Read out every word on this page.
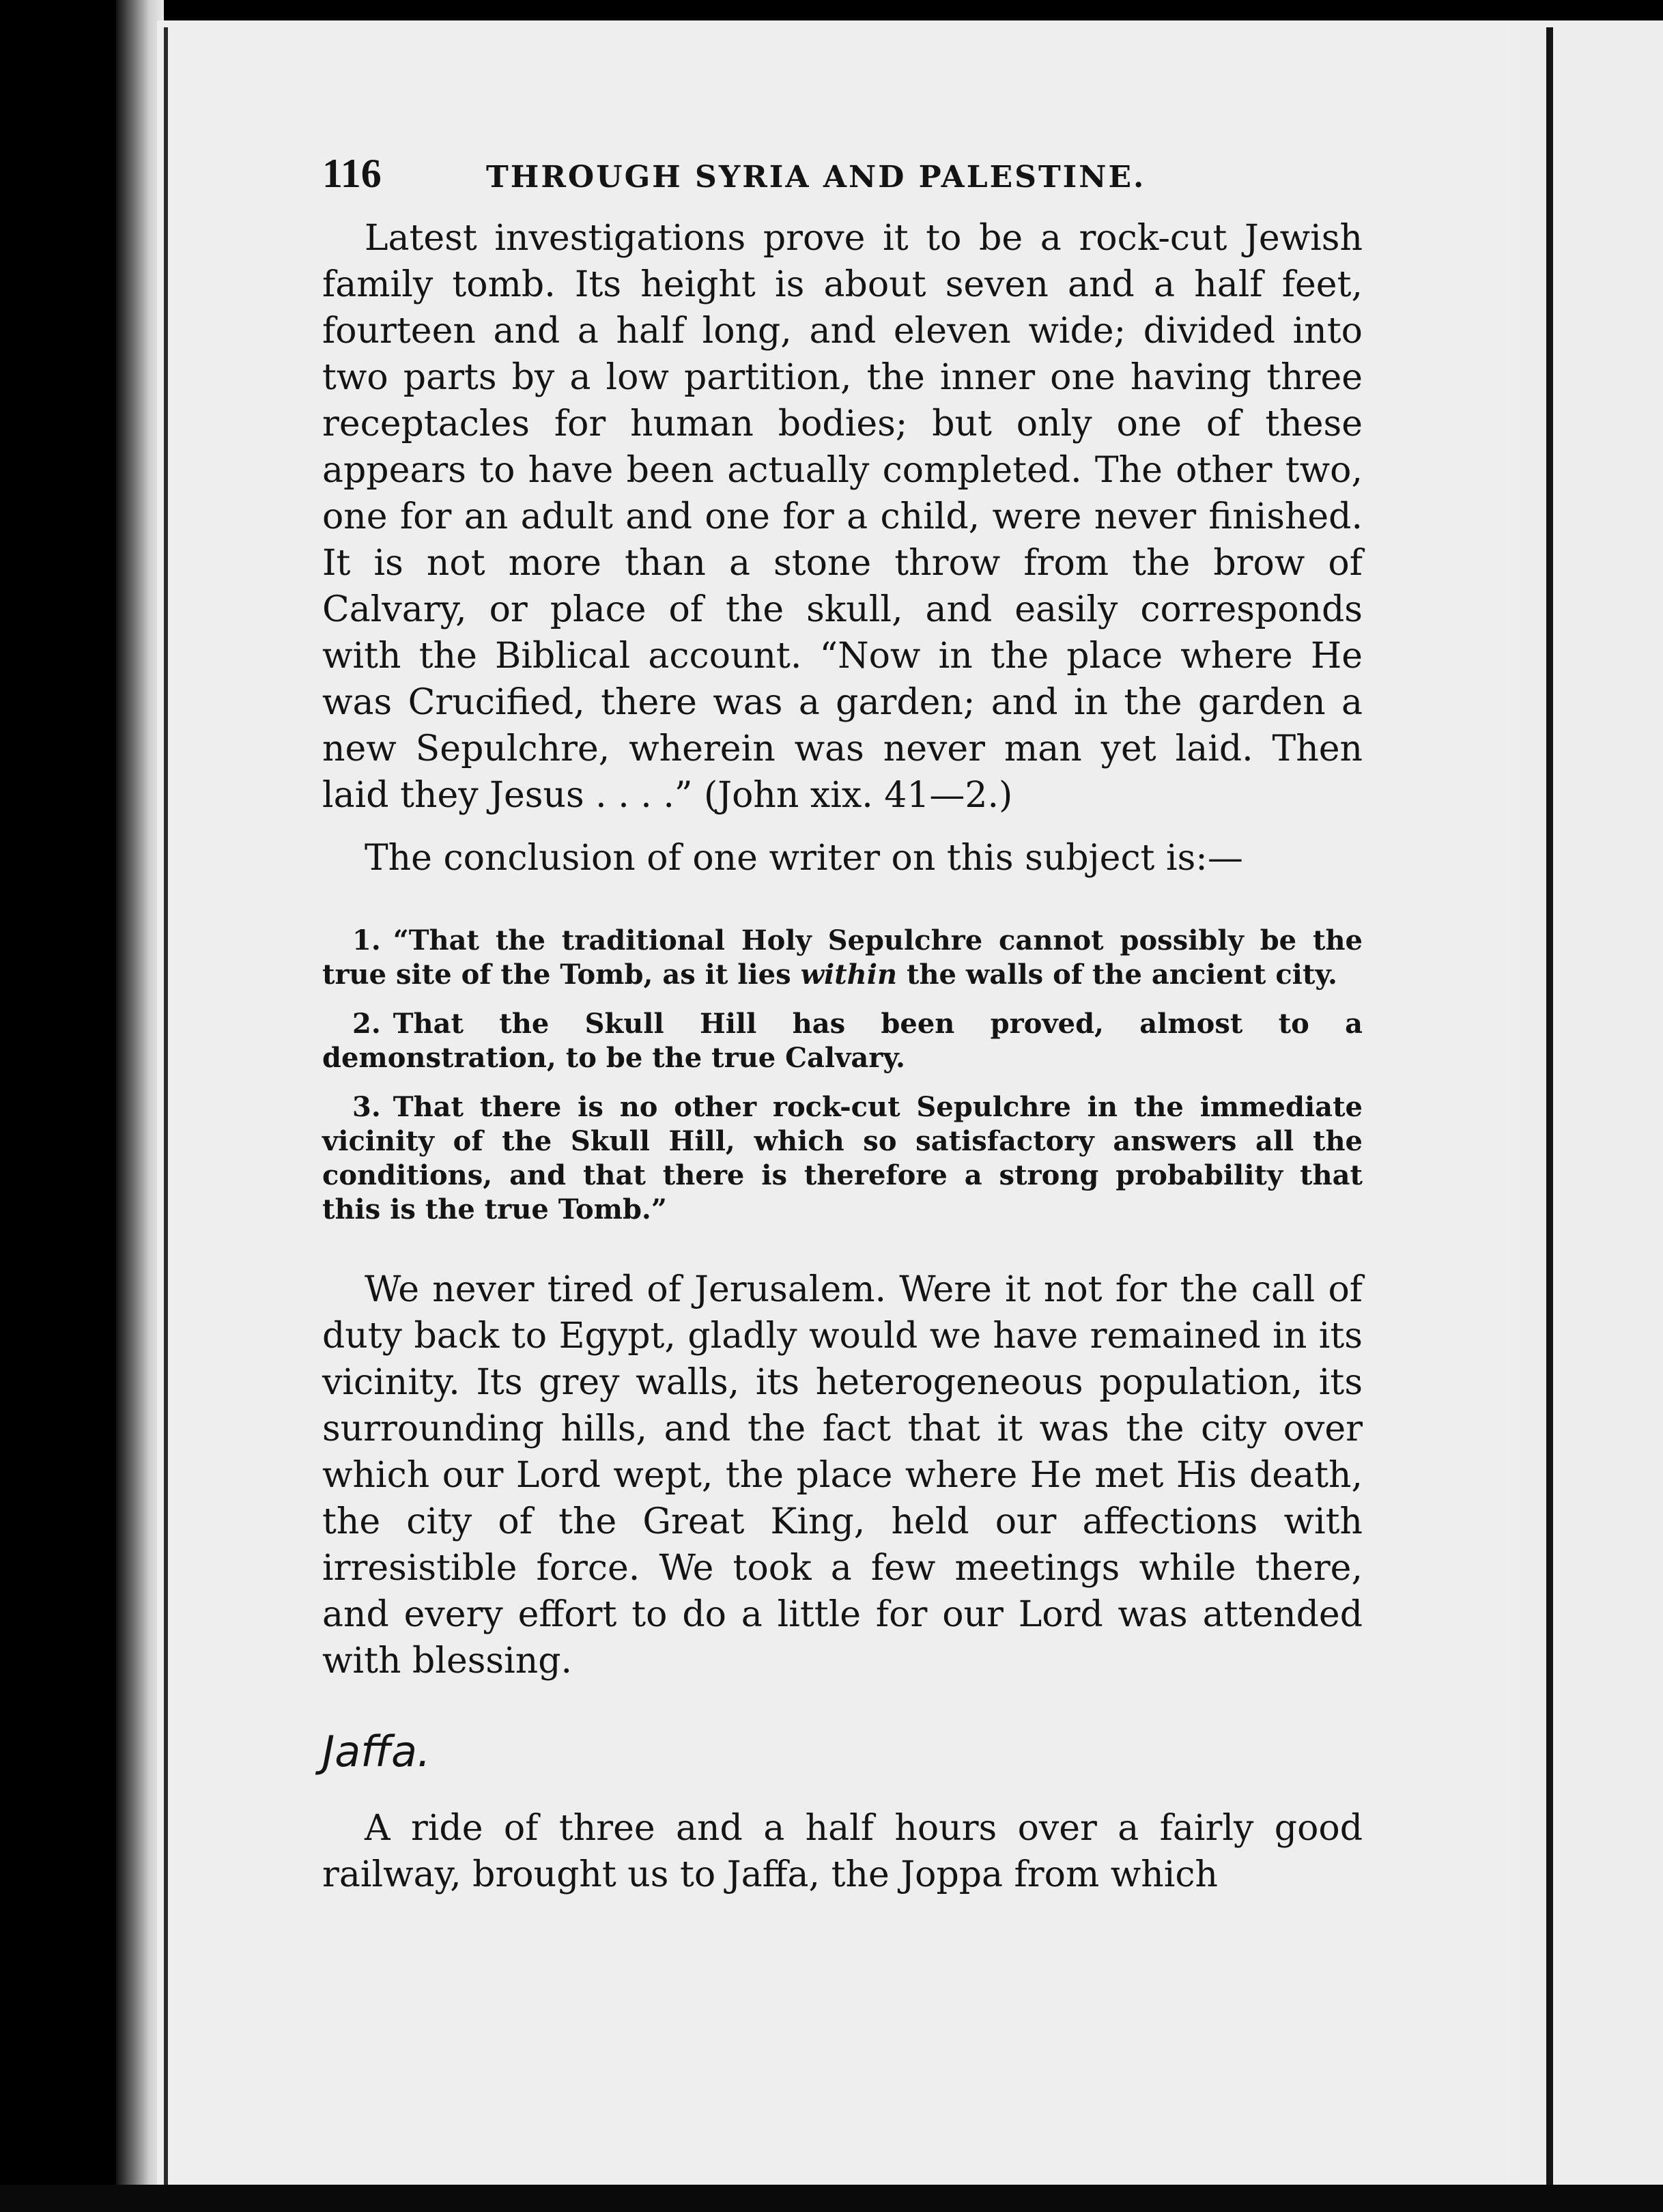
116	THROUGH SYRIA AND PALESTINE.

Latest investigations prove it to be a rock-cut Jewish family tomb. Its height is about seven and a half feet, fourteen and a half long, and eleven wide; divided into two parts by a low partition, the inner one having three receptacles for human bodies; but only one of these appears to have been actually completed. The other two, one for an adult and one for a child, were never finished. It is not more than a stone throw from the brow of Calvary, or place of the skull, and easily corresponds with the Biblical account. “Now in the place where He was Crucified, there was a garden; and in the garden a new Sepulchre, wherein was never man yet laid. Then laid they Jesus . . . .” (John xix. 41—2.)

The conclusion of one writer on this subject is:—

1. “That the traditional Holy Sepulchre cannot possibly be the true site of the Tomb, as it lies within the walls of the ancient city.

2. That the Skull Hill has been proved, almost to a demonstration, to be the true Calvary.

3. That there is no other rock-cut Sepulchre in the immediate vicinity of the Skull Hill, which so satisfactory answers all the conditions, and that there is therefore a strong probability that this is the true Tomb.”

We never tired of Jerusalem. Were it not for the call of duty back to Egypt, gladly would we have remained in its vicinity. Its grey walls, its heterogeneous population, its surrounding hills, and the fact that it was the city over which our Lord wept, the place where He met His death, the city of the Great King, held our affections with irresistible force. We took a few meetings while there, and every effort to do a little for our Lord was attended with blessing.

Jaffa.

A ride of three and a half hours over a fairly good railway, brought us to Jaffa, the Joppa from which
